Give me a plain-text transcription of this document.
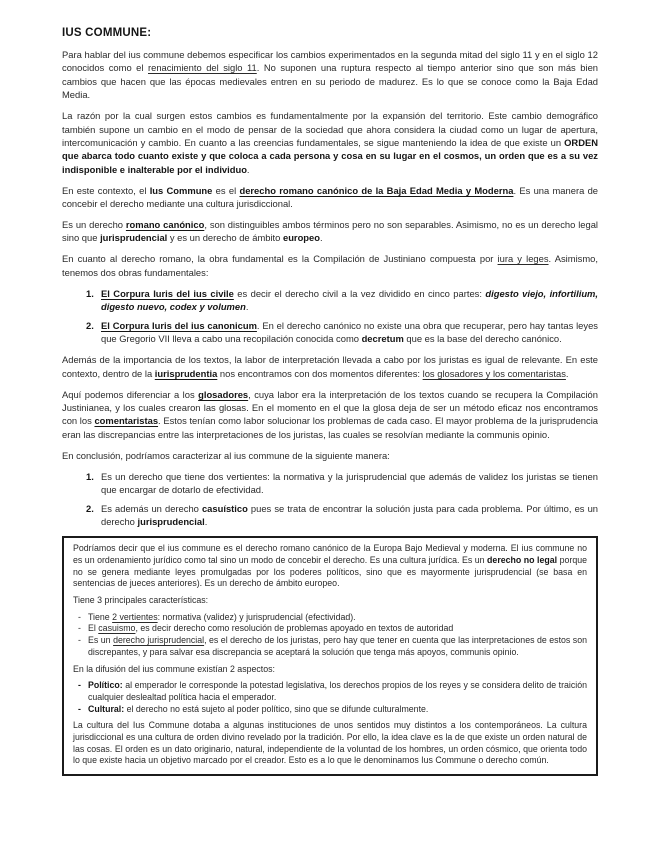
IUS COMMUNE:

Para hablar del ius commune debemos especificar los cambios experimentados en la segunda mitad del siglo 11 y en el siglo 12 conocidos como el renacimiento del siglo 11. No suponen una ruptura respecto al tiempo anterior sino que son más bien cambios que hacen que las épocas medievales entren en su periodo de madurez. Es lo que se conoce como la Baja Edad Media.

La razón por la cual surgen estos cambios es fundamentalmente por la expansión del territorio. Este cambio demográfico también supone un cambio en el modo de pensar de la sociedad que ahora considera la ciudad como un lugar de apertura, intercomunicación y cambio. En cuanto a las creencias fundamentales, se sigue manteniendo la idea de que existe un ORDEN que abarca todo cuanto existe y que coloca a cada persona y cosa en su lugar en el cosmos, un orden que es a su vez indisponible e inalterable por el individuo.

En este contexto, el Ius Commune es el derecho romano canónico de la Baja Edad Media y Moderna. Es una manera de concebir el derecho mediante una cultura jurisdiccional.

Es un derecho romano canónico, son distinguibles ambos términos pero no son separables. Asimismo, no es un derecho legal sino que jurisprudencial y es un derecho de ámbito europeo.

En cuanto al derecho romano, la obra fundamental es la Compilación de Justiniano compuesta por iura y leges. Asimismo, tenemos dos obras fundamentales:

1. El Corpura Iuris del ius civile es decir el derecho civil a la vez dividido en cinco partes: digesto viejo, infortilium, digesto nuevo, codex y volumen.
2. El Corpura Iuris del ius canonicum. En el derecho canónico no existe una obra que recuperar, pero hay tantas leyes que Gregorio VII lleva a cabo una recopilación conocida como decretum que es la base del derecho canónico.

Además de la importancia de los textos, la labor de interpretación llevada a cabo por los juristas es igual de relevante. En este contexto, dentro de la iurisprudentia nos encontramos con dos momentos diferentes: los glosadores y los comentaristas.

Aquí podemos diferenciar a los glosadores, cuya labor era la interpretación de los textos cuando se recupera la Compilación Justinianea, y los cuales crearon las glosas. En el momento en el que la glosa deja de ser un método eficaz nos encontramos con los comentaristas. Estos tenían como labor solucionar los problemas de cada caso. El mayor problema de la jurisprudencia eran las discrepancias entre las interpretaciones de los juristas, las cuales se resolvían mediante la communis opinio.

En conclusión, podríamos caracterizar al ius commune de la siguiente manera:

1. Es un derecho que tiene dos vertientes: la normativa y la jurisprudencial que además de validez los juristas se tienen que encargar de dotarlo de efectividad.
2. Es además un derecho casuístico pues se trata de encontrar la solución justa para cada problema. Por último, es un derecho jurisprudencial.

Podríamos decir que el ius commune es el derecho romano canónico de la Europa Bajo Medieval y moderna. El ius commune no es un ordenamiento jurídico como tal sino un modo de concebir el derecho. Es una cultura jurídica. Es un derecho no legal porque no se genera mediante leyes promulgadas por los poderes políticos, sino que es mayormente jurisprudencial (se basa en sentencias de jueces anteriores). Es un derecho de ámbito europeo.

Tiene 3 principales características:

- Tiene 2 vertientes: normativa (validez) y jurisprudencial (efectividad).
- El casuismo, es decir derecho como resolución de problemas apoyado en textos de autoridad
- Es un derecho jurisprudencial, es el derecho de los juristas, pero hay que tener en cuenta que las interpretaciones de estos son discrepantes, y para salvar esa discrepancia se aceptará la solución que tenga más apoyos, communis opinio.

En la difusión del ius commune existían 2 aspectos:

- Político: al emperador le corresponde la potestad legislativa, los derechos propios de los reyes y se considera delito de traición cualquier deslealtad política hacia el emperador.
- Cultural: el derecho no está sujeto al poder político, sino que se difunde culturalmente.

La cultura del Ius Commune dotaba a algunas instituciones de unos sentidos muy distintos a los contemporáneos. La cultura jurisdiccional es una cultura de orden divino revelado por la tradición. Por ello, la idea clave es la de que existe un orden natural de las cosas. El orden es un dato originario, natural, independiente de la voluntad de los hombres, un orden cósmico, que orienta todo lo que existe hacia un objetivo marcado por el creador. Esto es a lo que le denominamos Ius Commune o derecho común.
